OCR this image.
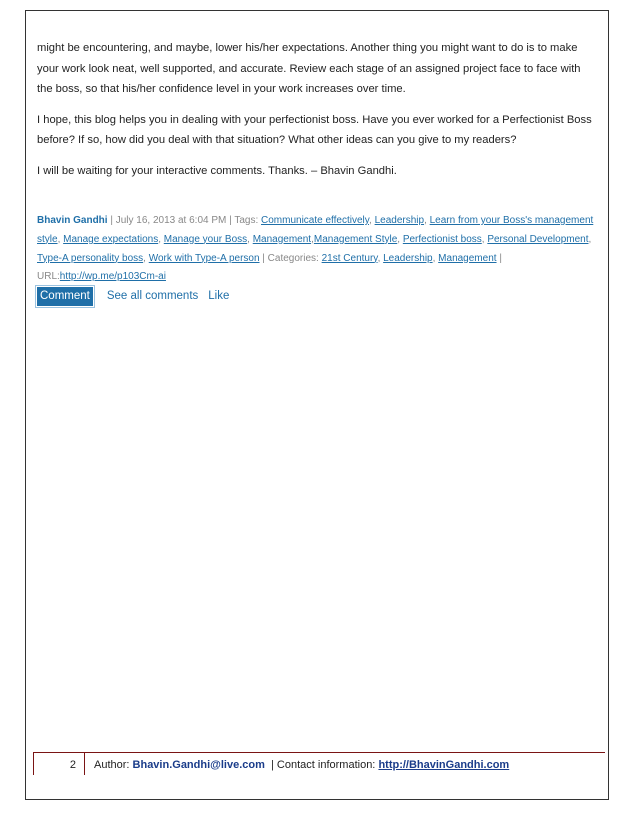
might be encountering, and maybe, lower his/her expectations. Another thing you might want to do is to make your work look neat, well supported, and accurate. Review each stage of an assigned project face to face with the boss, so that his/her confidence level in your work increases over time.

I hope, this blog helps you in dealing with your perfectionist boss. Have you ever worked for a Perfectionist Boss before? If so, how did you deal with that situation? What other ideas can you give to my readers?

I will be waiting for your interactive comments. Thanks. – Bhavin Gandhi.

Bhavin Gandhi | July 16, 2013 at 6:04 PM | Tags: Communicate effectively, Leadership, Learn from your Boss's management style, Manage expectations, Manage your Boss, Management,Management Style, Perfectionist boss, Personal Development, Type-A personality boss, Work with Type-A person | Categories: 21st Century, Leadership, Management |
URL:http://wp.me/p103Cm-ai
Comment See all comments Like
2	Author: Bhavin.Gandhi@live.com  | Contact information: http://BhavinGandhi.com
